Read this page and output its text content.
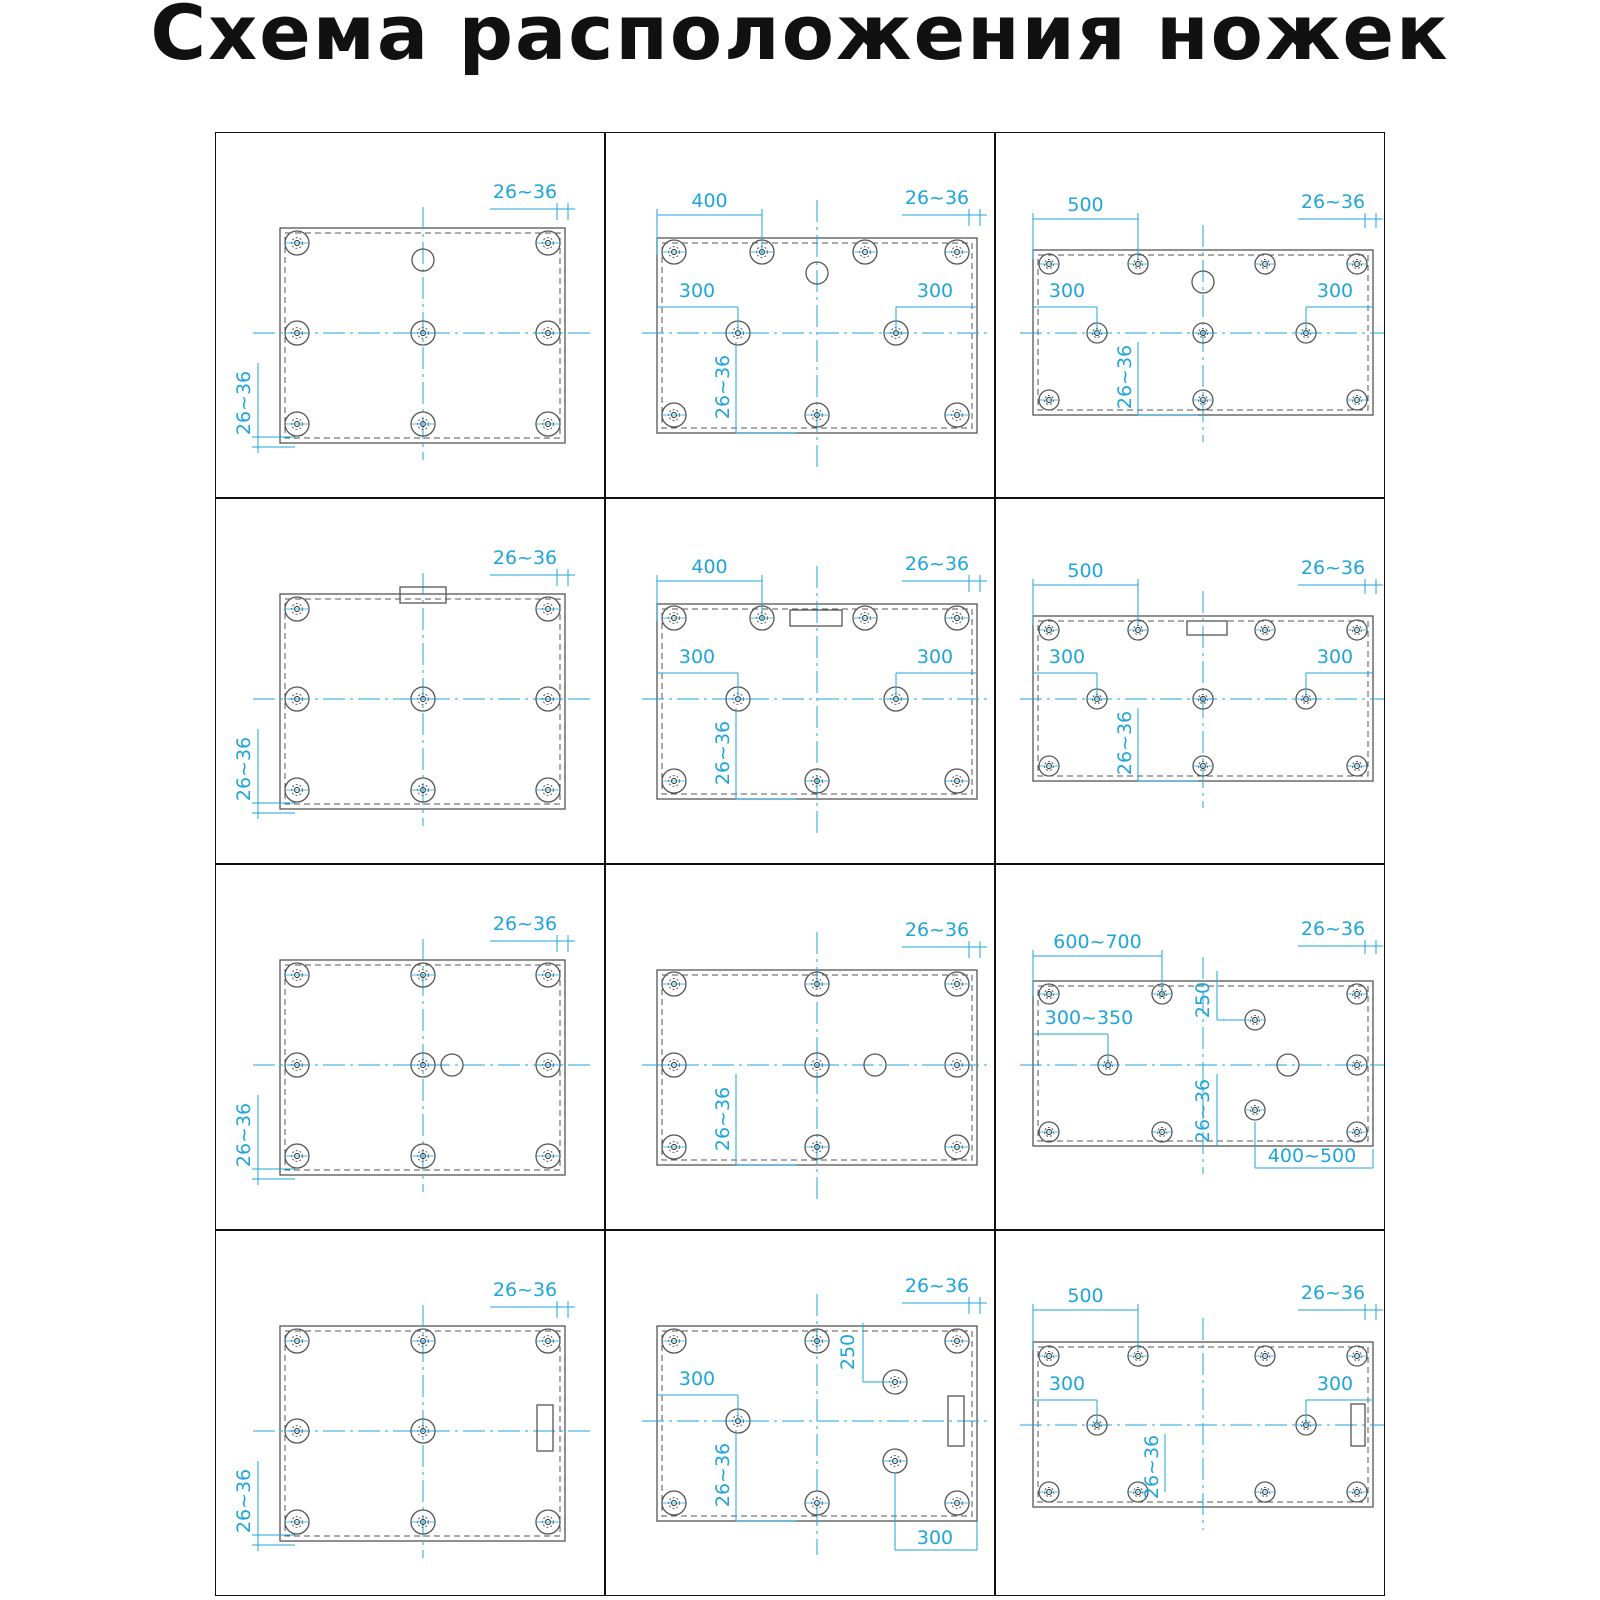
Схема расположения ножек
26~36
26~36
26~36
400
300	300
26~36
26~36
500
300	300
26~36
26~36
26~36
26~36
400
300	300
26~36
26~36
500
300	300
26~36
26~36
26~36
26~36
26~36
26~36
600~700
300~350	250
26~36
400~500
26~36
26~36
26~36
300
250
26~36
300
26~36
500
300	300
26~36
